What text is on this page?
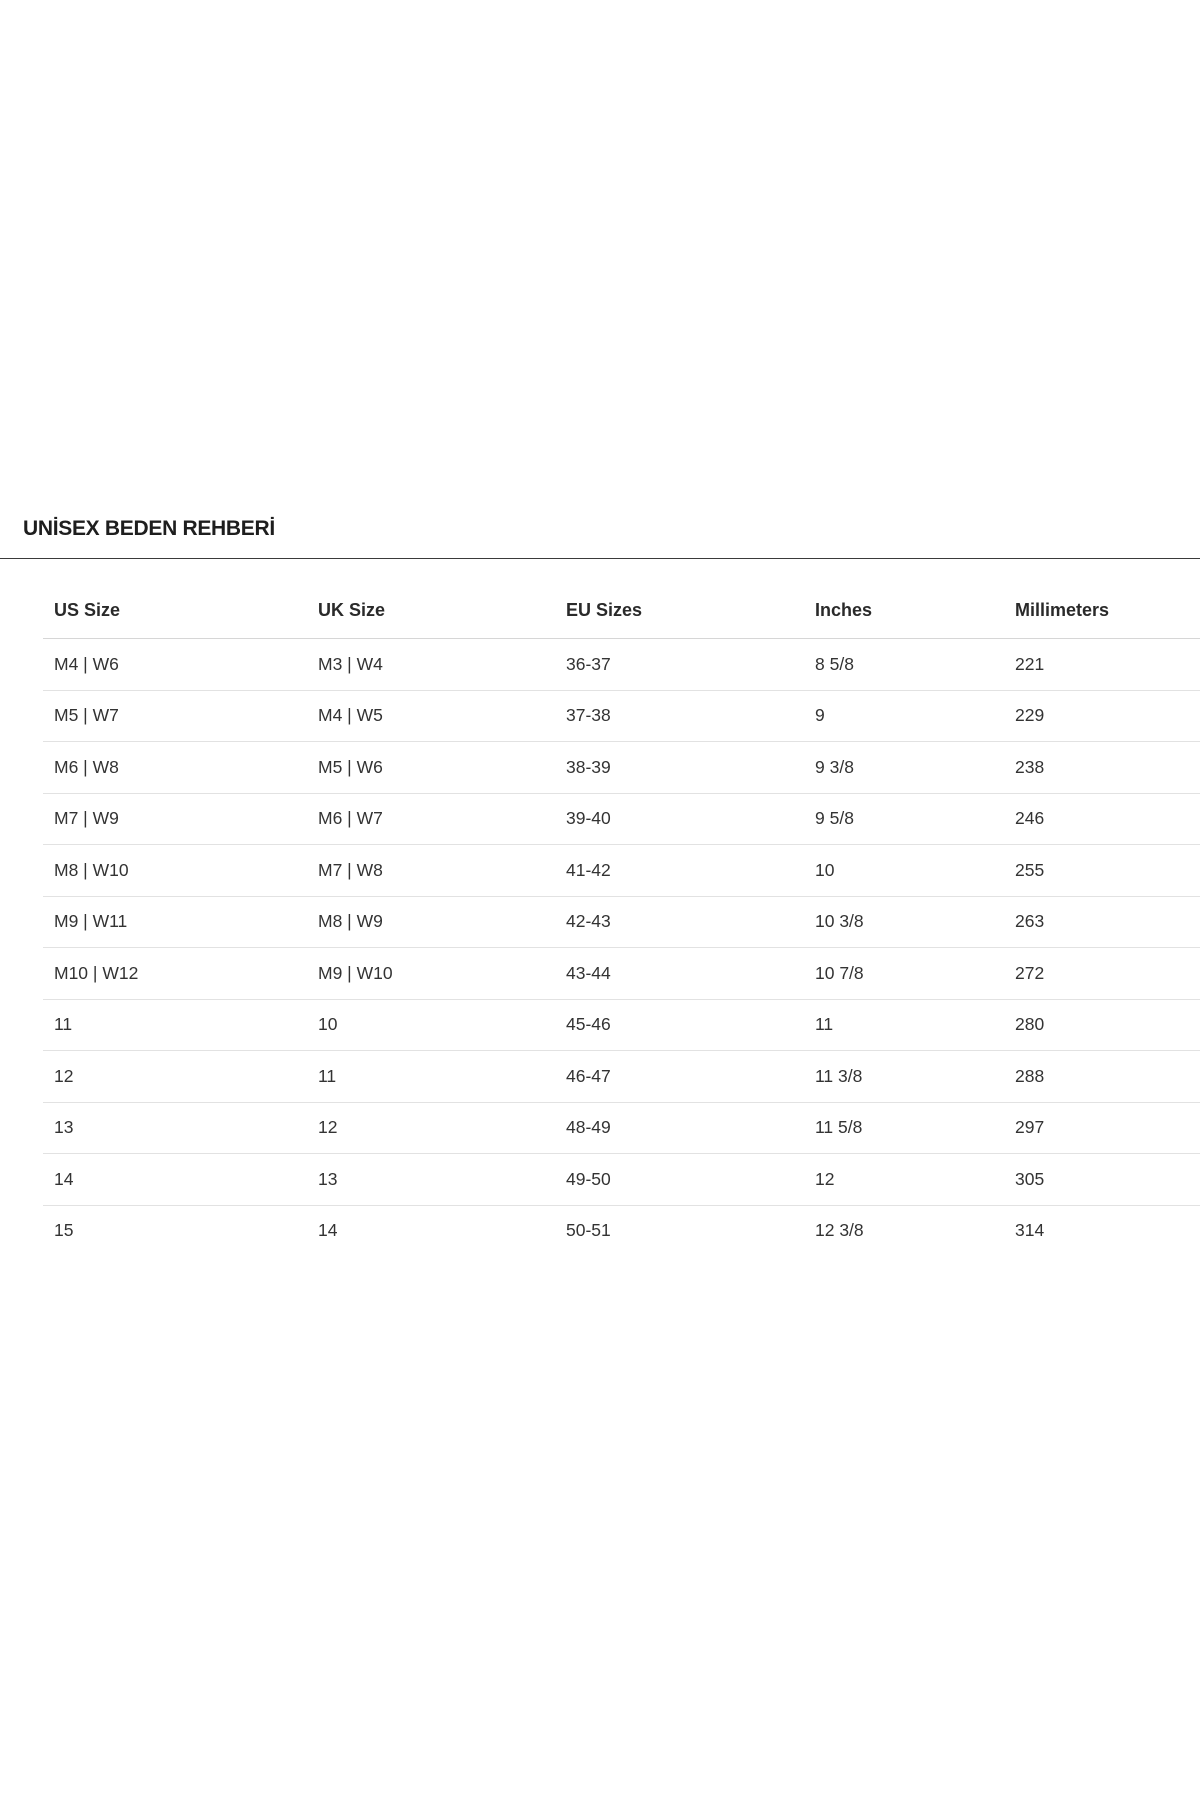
UNİSEX BEDEN REHBERİ
US Size	UK Size	EU Sizes	Inches	Millimeters
M4 | W6	M3 | W4	36-37	8 5/8	221
M5 | W7	M4 | W5	37-38	9	229
M6 | W8	M5 | W6	38-39	9 3/8	238
M7 | W9	M6 | W7	39-40	9 5/8	246
M8 | W10	M7 | W8	41-42	10	255
M9 | W11	M8 | W9	42-43	10 3/8	263
M10 | W12	M9 | W10	43-44	10 7/8	272
11	10	45-46	11	280
12	11	46-47	11 3/8	288
13	12	48-49	11 5/8	297
14	13	49-50	12	305
15	14	50-51	12 3/8	314
